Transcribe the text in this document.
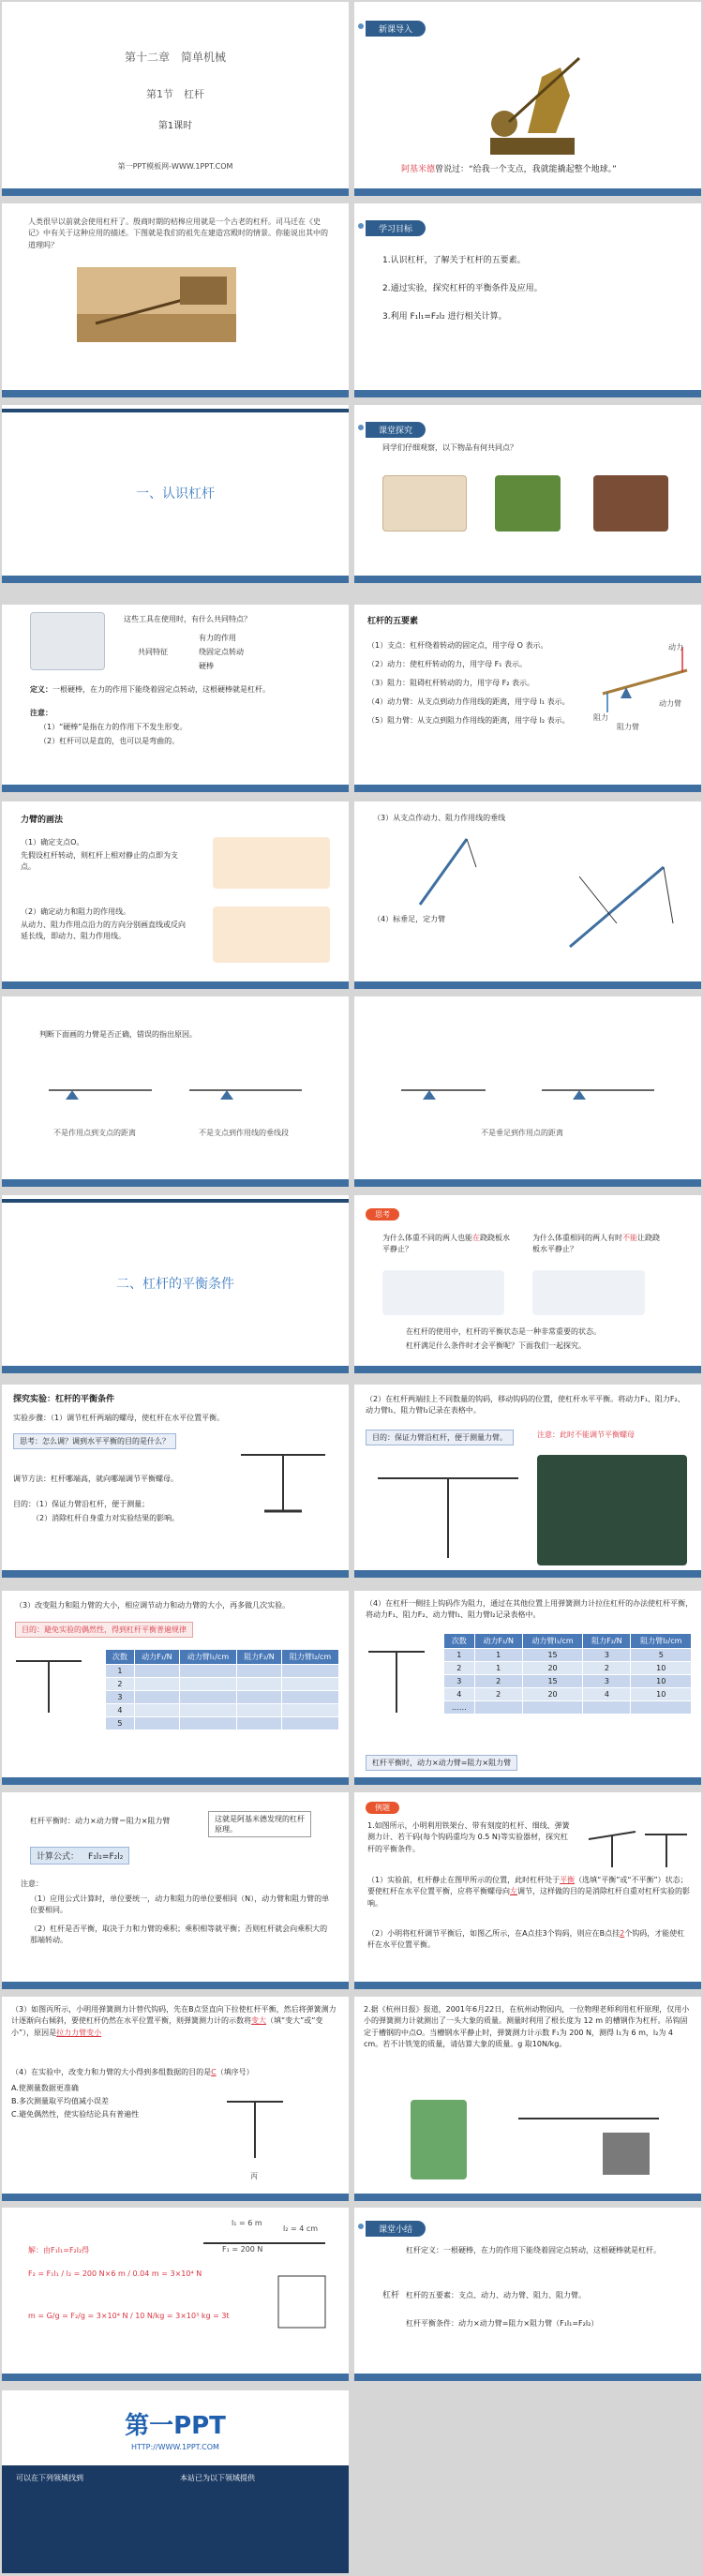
第十二章　简单机械
第1节　杠杆
第1课时
第一PPT模板网-WWW.1PPT.COM
新课导入
阿基米德曾说过：“给我一个支点，我就能撬起整个地球。”
人类很早以前就会使用杠杆了。殷商时期的桔槔应用就是一个古老的杠杆。司马迁在《史记》中有关于这种应用的描述。下图就是我们的祖先在建造宫殿时的情景。你能说出其中的道理吗？
学习目标
1.认识杠杆，了解关于杠杆的五要素。
2.通过实验，探究杠杆的平衡条件及应用。
3.利用 F₁l₁=F₂l₂ 进行相关计算。
一、认识杠杆
课堂探究
同学们仔细观察，以下物品有何共同点？
这些工具在使用时，有什么共同特点？
共同特征
有力的作用
绕固定点转动
硬棒
定义：一根硬棒，在力的作用下能绕着固定点转动，这根硬棒就是杠杆。
注意：
（1）“硬棒”是指在力的作用下不发生形变。
（2）杠杆可以是直的，也可以是弯曲的。
杠杆的五要素
（1）支点：杠杆绕着转动的固定点，用字母 O 表示。
（2）动力：使杠杆转动的力，用字母 F₁ 表示。
（3）阻力：阻碍杠杆转动的力，用字母 F₂ 表示。
（4）动力臂：从支点到动力作用线的距离，用字母 l₁ 表示。
（5）阻力臂：从支点到阻力作用线的距离，用字母 l₂ 表示。
动力
动力臂
阻力臂
阻力
力臂的画法
（1）确定支点O。
先假设杠杆转动，则杠杆上相对静止的点即为支点。
（2）确定动力和阻力的作用线。
从动力、阻力作用点沿力的方向分别画直线或反向延长线，即动力、阻力作用线。
（3）从支点作动力、阻力作用线的垂线
（4）标垂足，定力臂
判断下面画的力臂是否正确，错误的指出原因。
不是作用点到支点的距离	不是支点到作用线的垂线段	不是垂足到作用点的距离
二、杠杆的平衡条件
思考
为什么体重不同的两人也能在跷跷板水平静止？
为什么体重相同的两人有时不能让跷跷板水平静止？
在杠杆的使用中，杠杆的平衡状态是一种非常重要的状态。
杠杆满足什么条件时才会平衡呢？下面我们一起探究。
探究实验：杠杆的平衡条件
实验步骤：（1）调节杠杆两端的螺母，使杠杆在水平位置平衡。
思考：怎么调？调到水平平衡的目的是什么？
调节方法：杠杆哪端高，就向哪端调节平衡螺母。
目的：（1）保证力臂沿杠杆，便于测量；
（2）消除杠杆自身重力对实验结果的影响。
（2）在杠杆两端挂上不同数量的钩码，移动钩码的位置，使杠杆水平平衡。将动力F₁、阻力F₂、动力臂l₁、阻力臂l₂记录在表格中。
目的：保证力臂沿杠杆，便于测量力臂。	注意：此时不能调节平衡螺母
（3）改变阻力和阻力臂的大小，相应调节动力和动力臂的大小，再多做几次实验。
目的：避免实验的偶然性，得到杠杆平衡普遍规律
次数	动力F₁/N	动力臂l₁/cm	阻力F₂/N	阻力臂l₂/cm
1				
2				
3				
4				
5				
（4）在杠杆一侧挂上钩码作为阻力，通过在其他位置上用弹簧测力计拉住杠杆的办法使杠杆平衡，将动力F₁、阻力F₂、动力臂l₁、阻力臂l₂记录表格中。
次数	动力F₁/N	动力臂l₁/cm	阻力F₂/N	阻力臂l₂/cm
1	1	15	3	5
2	1	20	2	10
3	2	15	3	10
4	2	20	4	10
……				
杠杆平衡时，动力×动力臂=阻力×阻力臂
杠杆平衡时：动力×动力臂＝阻力×阻力臂	这就是阿基米德发现的杠杆原理。
计算公式： F₁l₁=F₂l₂
注意：
（1）应用公式计算时，单位要统一，动力和阻力的单位要相同（N），动力臂和阻力臂的单位要相同。
（2）杠杆是否平衡，取决于力和力臂的乘积；乘积相等就平衡；否则杠杆就会向乘积大的那端转动。
例题
1.如图所示，小明利用铁架台、带有刻度的杠杆、细线、弹簧测力计、若干码(每个钩码重均为 0.5 N)等实验器材，探究杠杆的平衡条件。
（1）实验前，杠杆静止在图甲所示的位置，此时杠杆处于平衡（选填“平衡”或“不平衡”）状态；要使杠杆在水平位置平衡，应将平衡螺母向左调节，这样做的目的是消除杠杆自重对杠杆实验的影响。
（2）小明将杠杆调节平衡后，如图乙所示，在A点挂3个钩码，则应在B点挂2个钩码，才能使杠杆在水平位置平衡。
（3）如图丙所示，小明用弹簧测力计替代钩码，先在B点竖直向下拉使杠杆平衡，然后将弹簧测力计逐渐向右倾斜，要使杠杆仍然在水平位置平衡，则弹簧测力计的示数将变大（填“变大”或“变小”），原因是拉力力臂变小
（4）在实验中，改变力和力臂的大小得到多组数据的目的是C（填序号）
A.使测量数据更准确
B.多次测量取平均值减小误差
C.避免偶然性，使实验结论具有普遍性
丙
2.据《杭州日报》报道，2001年6月22日，在杭州动物园内，一位物理老师利用杠杆原理，仅用小小的弹簧测力计就测出了一头大象的质量。测量时利用了根长度为 12 m 的槽钢作为杠杆。吊钩固定于槽钢的中点O。当槽钢水平静止时，弹簧测力计示数 F₁为 200 N，测得 l₁为 6 m，l₂为 4 cm。若不计铁笼的质量，请估算大象的质量。g 取10N/kg。
解：由F₁l₁=F₂l₂得
F₂ = F₁l₁ / l₂ = 200 N×6 m / 0.04 m = 3×10⁴ N
m = G/g = F₂/g = 3×10⁴ N / 10 N/kg = 3×10³ kg = 3t
l₁ = 6 m
l₂ = 4 cm
F₁ = 200 N
课堂小结
杠杆
杠杆定义：一根硬棒，在力的作用下能绕着固定点转动，这根硬棒就是杠杆。
杠杆的五要素：支点、动力、动力臂、阻力、阻力臂。
杠杆平衡条件：动力×动力臂=阻力×阻力臂（F₁l₁=F₂l₂）
第一PPT
HTTP://WWW.1PPT.COM
可以在下列领域找到	本站已为以下领域提供
